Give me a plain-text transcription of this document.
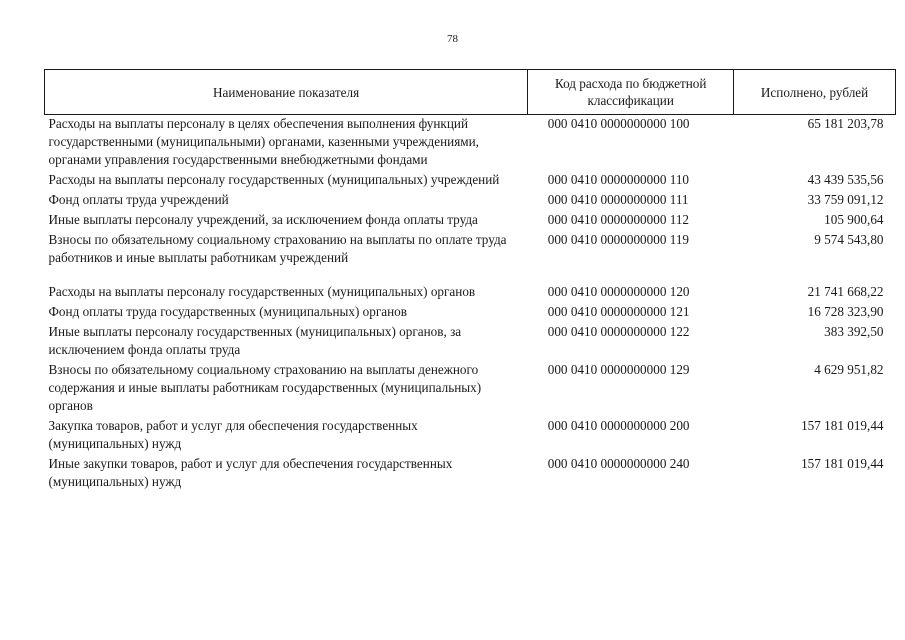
78
Наименование показателя	Код расхода по бюджетной классификации	Исполнено, рублей
Расходы на выплаты персоналу в целях обеспечения выполнения функций государственными (муниципальными) органами, казенными учреждениями, органами управления государственными внебюджетными фондами	000 0410 0000000000 100	65 181 203,78
Расходы на выплаты персоналу государственных (муниципальных) учреждений	000 0410 0000000000 110	43 439 535,56
Фонд оплаты труда учреждений	000 0410 0000000000 111	33 759 091,12
Иные выплаты персоналу учреждений, за исключением фонда оплаты труда	000 0410 0000000000 112	105 900,64
Взносы по обязательному социальному страхованию на выплаты по оплате труда работников и иные выплаты работникам учреждений	000 0410 0000000000 119	9 574 543,80
Расходы на выплаты персоналу государственных (муниципальных) органов	000 0410 0000000000 120	21 741 668,22
Фонд оплаты труда государственных (муниципальных) органов	000 0410 0000000000 121	16 728 323,90
Иные выплаты персоналу государственных (муниципальных) органов, за исключением фонда оплаты труда	000 0410 0000000000 122	383 392,50
Взносы по обязательному социальному страхованию на выплаты денежного содержания и иные выплаты работникам государственных (муниципальных) органов	000 0410 0000000000 129	4 629 951,82
Закупка товаров, работ и услуг для обеспечения государственных (муниципальных) нужд	000 0410 0000000000 200	157 181 019,44
Иные закупки товаров, работ и услуг для обеспечения государственных (муниципальных) нужд	000 0410 0000000000 240	157 181 019,44
